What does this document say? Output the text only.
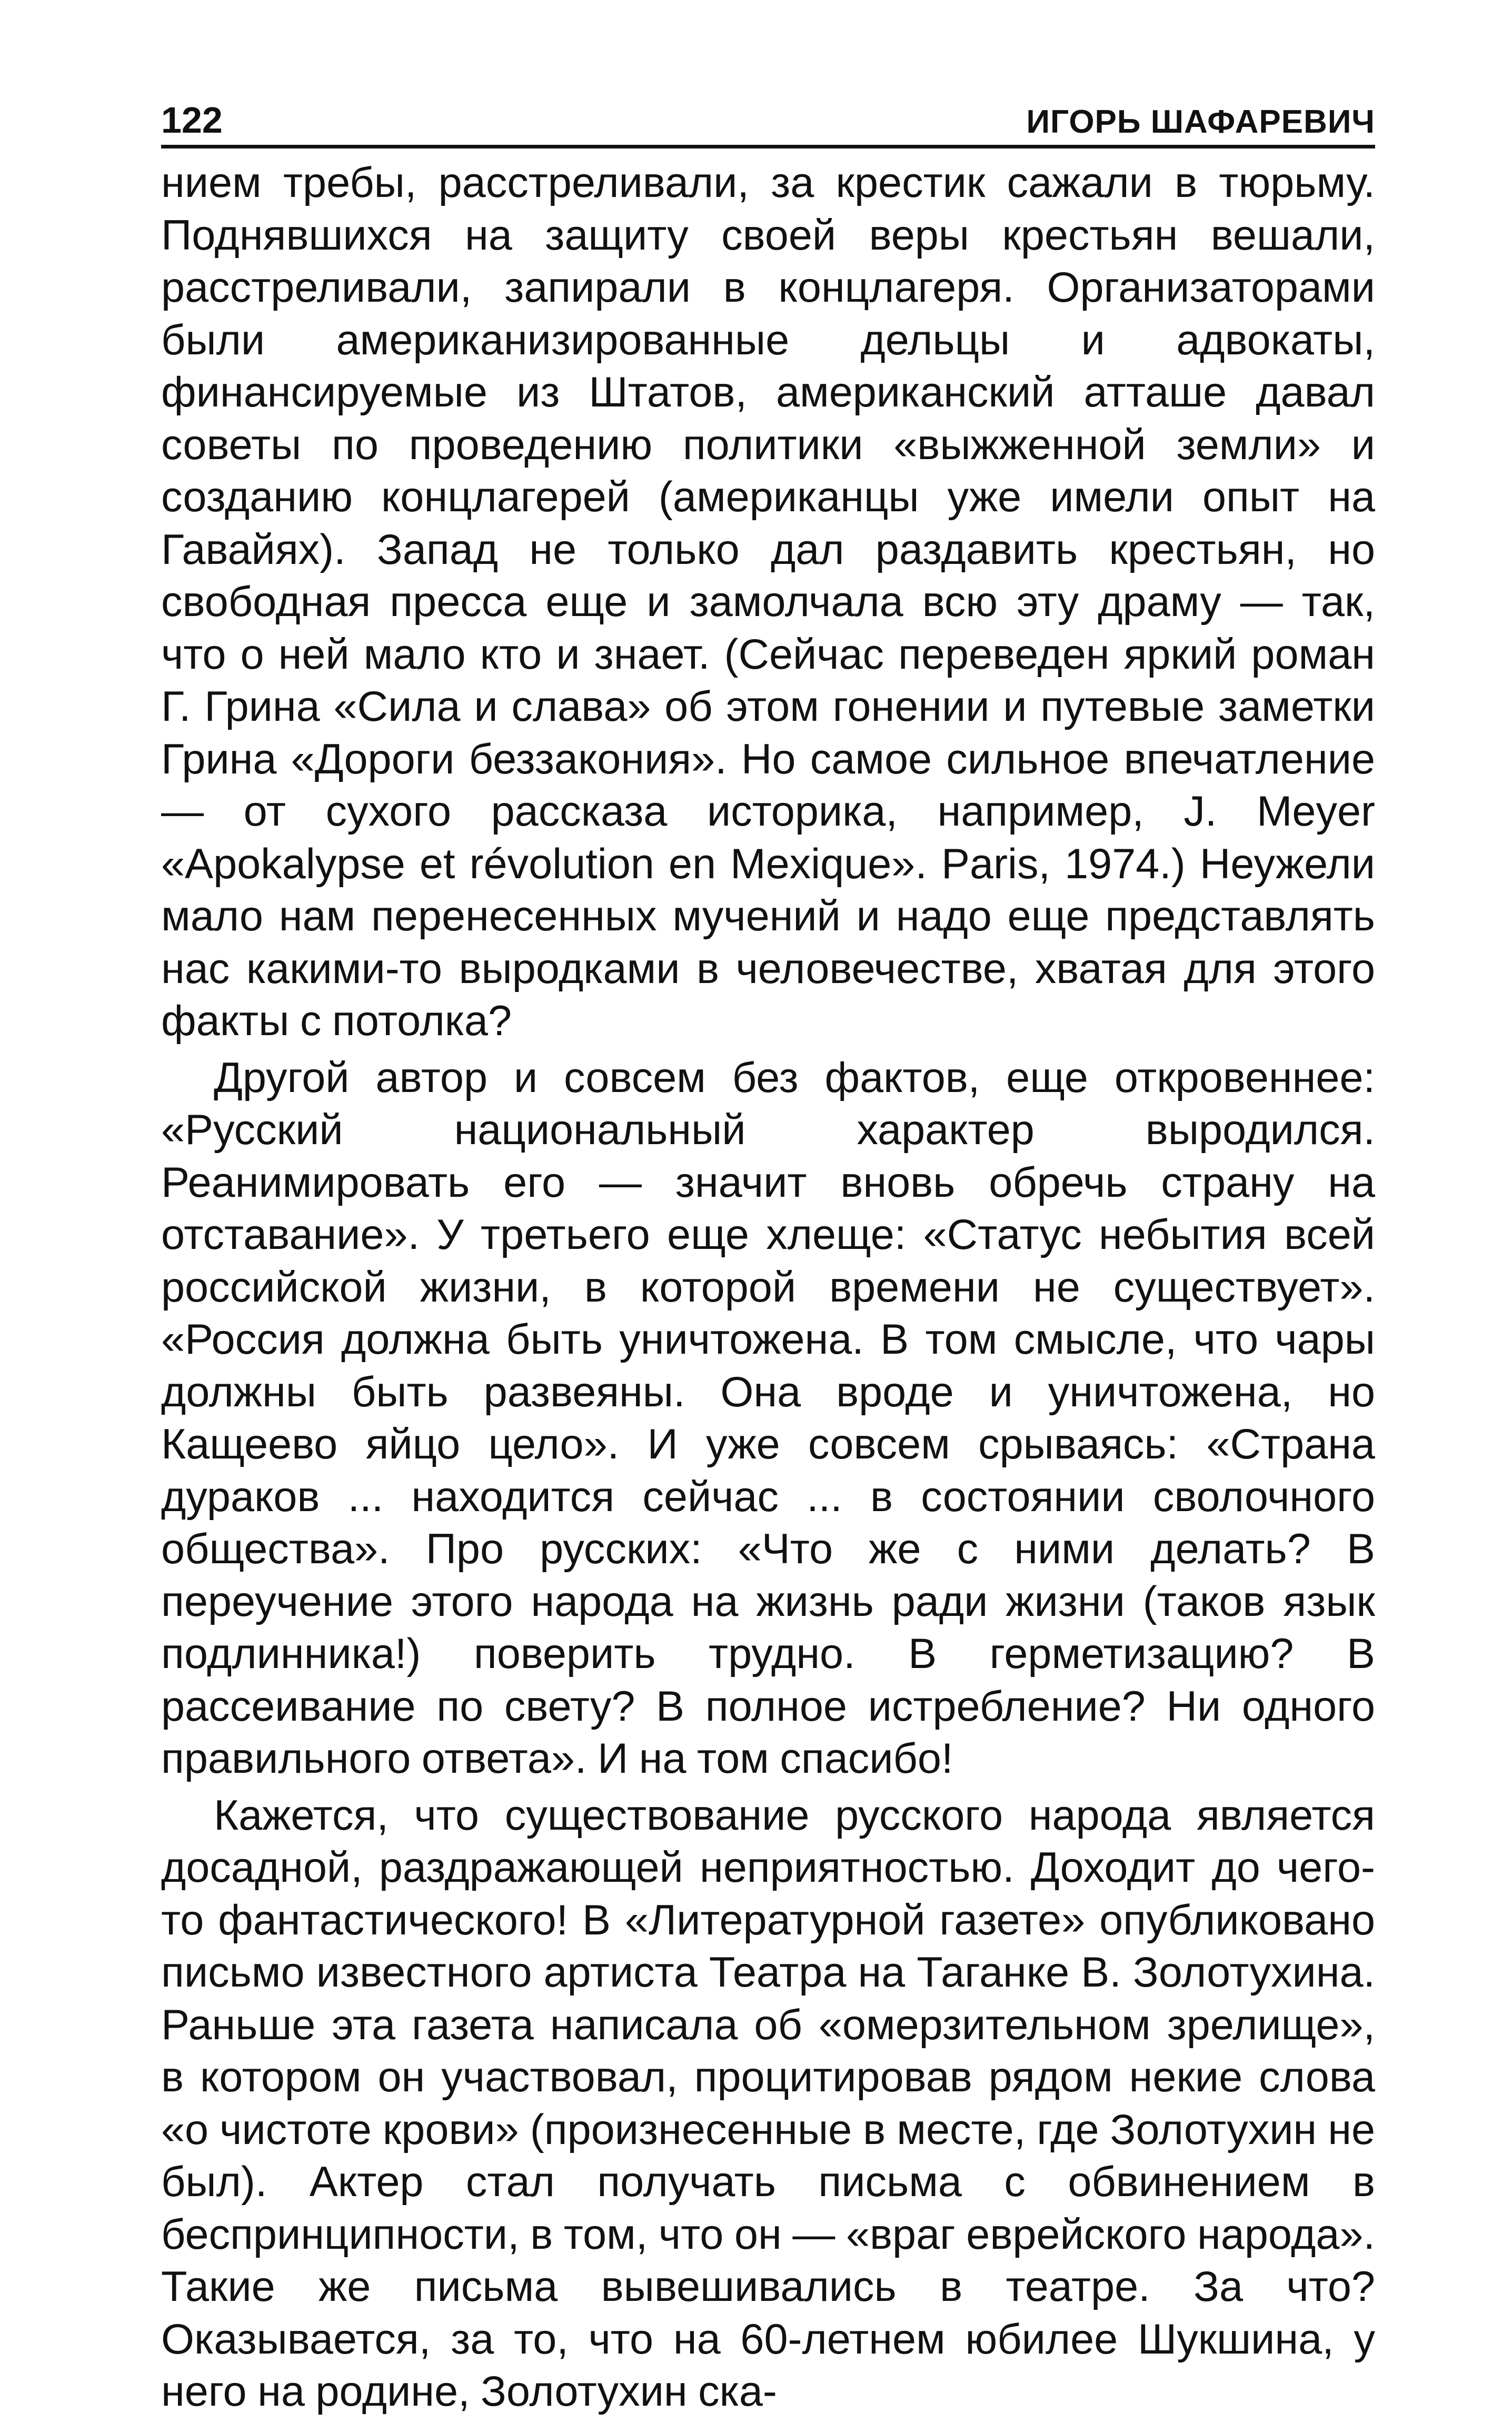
122	ИГОРЬ ШАФАРЕВИЧ

нием требы, расстреливали, за крестик сажали в тюрьму. Поднявшихся на защиту своей веры крестьян вешали, расстреливали, запирали в концлагеря. Организаторами были американизированные дельцы и адвокаты, финансируемые из Штатов, американский атташе давал советы по проведению политики «выжженной земли» и созданию концлагерей (американцы уже имели опыт на Гавайях). Запад не только дал раздавить крестьян, но свободная пресса еще и замолчала всю эту драму — так, что о ней мало кто и знает. (Сейчас переведен яркий роман Г. Грина «Сила и слава» об этом гонении и путевые заметки Грина «Дороги беззакония». Но самое сильное впечатление — от сухого рассказа историка, например, J. Meyer «Apokalypse et révolution en Mexique». Paris, 1974.) Неужели мало нам перенесенных мучений и надо еще представлять нас какими-то выродками в человечестве, хватая для этого факты с потолка?

Другой автор и совсем без фактов, еще откровеннее: «Русский национальный характер выродился. Реанимировать его — значит вновь обречь страну на отставание». У третьего еще хлеще: «Статус небытия всей российской жизни, в которой времени не существует». «Россия должна быть уничтожена. В том смысле, что чары должны быть развеяны. Она вроде и уничтожена, но Кащеево яйцо цело». И уже совсем срываясь: «Страна дураков ... находится сейчас ... в состоянии сволочного общества». Про русских: «Что же с ними делать? В переучение этого народа на жизнь ради жизни (таков язык подлинника!) поверить трудно. В герметизацию? В рассеивание по свету? В полное истребление? Ни одного правильного ответа». И на том спасибо!

Кажется, что существование русского народа является досадной, раздражающей неприятностью. Доходит до чего-то фантастического! В «Литературной газете» опубликовано письмо известного артиста Театра на Таганке В. Золотухина. Раньше эта газета написала об «омерзительном зрелище», в котором он участвовал, процитировав рядом некие слова «о чистоте крови» (произнесенные в месте, где Золотухин не был). Актер стал получать письма с обвинением в беспринципности, в том, что он — «враг еврейского народа». Такие же письма вывешивались в театре. За что? Оказывается, за то, что на 60-летнем юбилее Шукшина, у него на родине, Золотухин ска-
